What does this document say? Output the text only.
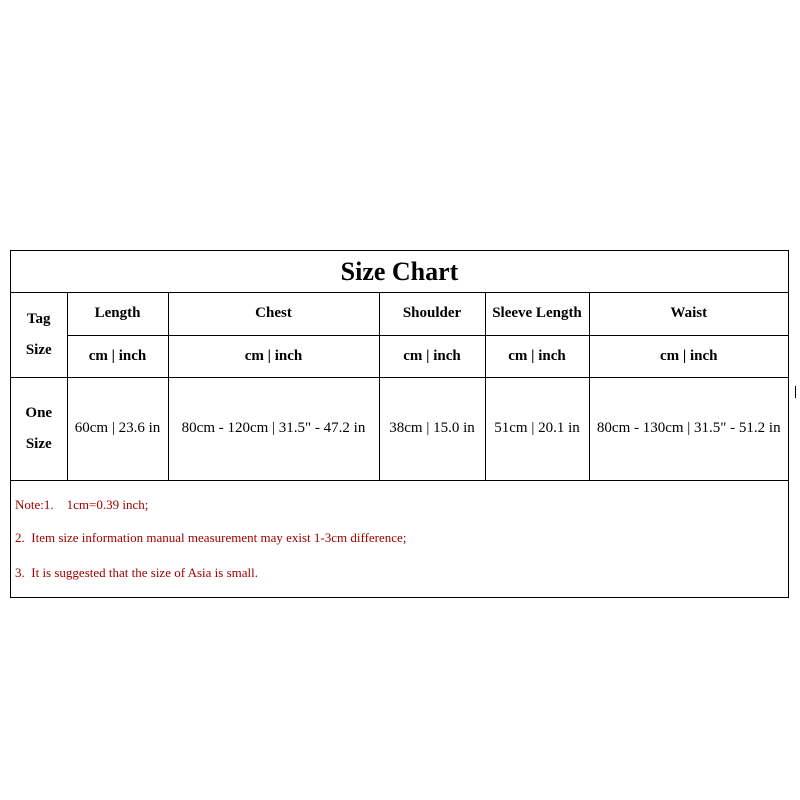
Size Chart
Tag
Size	Length	Chest	Shoulder	Sleeve Length	Waist
	cm | inch	cm | inch	cm | inch	cm | inch	cm | inch

One
Size	60cm | 23.6 in	80cm - 120cm | 31.5" - 47.2 in	38cm | 15.0 in	51cm | 20.1 in	80cm - 130cm | 31.5" - 51.2 in
Note:1.    1cm=0.39 inch;
2.  Item size information manual measurement may exist 1-3cm difference;
3.  It is suggested that the size of Asia is small.
